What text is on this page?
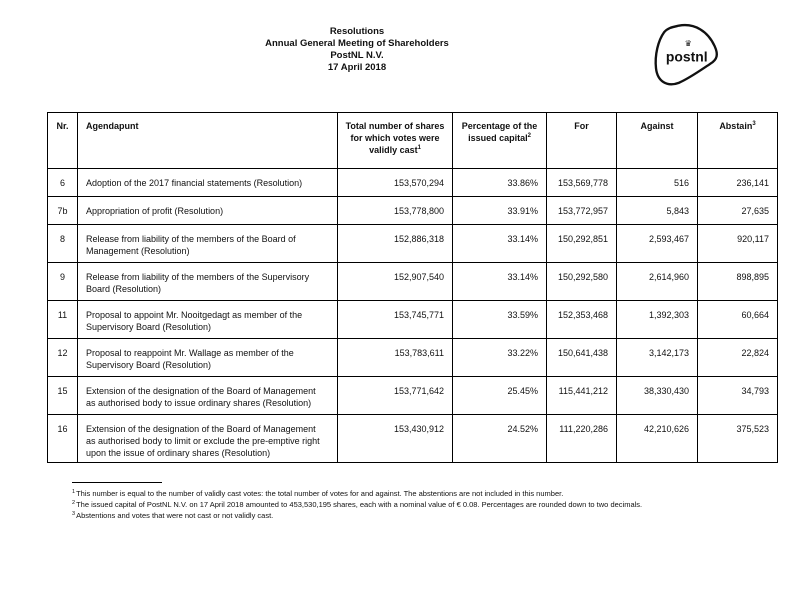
Resolutions
Annual General Meeting of Shareholders
PostNL N.V.
17 April 2018
postnl
♛
Nr.	Agendapunt	Total number of shares for which votes were validly cast$^1$	Percentage of the issued capital$^2$	For	Against	Abstain$^3$
6	Adoption of the 2017 financial statements (Resolution)	153,570,294	33.86%	153,569,778	516	236,141
7b	Appropriation of profit (Resolution)	153,778,800	33.91%	153,772,957	5,843	27,635
8	Release from liability of the members of the Board of Management (Resolution)	152,886,318	33.14%	150,292,851	2,593,467	920,117
9	Release from liability of the members of the Supervisory Board (Resolution)	152,907,540	33.14%	150,292,580	2,614,960	898,895
11	Proposal to appoint Mr. Nooitgedagt as member of the Supervisory Board (Resolution)	153,745,771	33.59%	152,353,468	1,392,303	60,664
12	Proposal to reappoint Mr. Wallage as member of the Supervisory Board (Resolution)	153,783,611	33.22%	150,641,438	3,142,173	22,824
15	Extension of the designation of the Board of Management as authorised body to issue ordinary shares (Resolution)	153,771,642	25.45%	115,441,212	38,330,430	34,793
16	Extension of the designation of the Board of Management as authorised body to limit or exclude the pre-emptive right upon the issue of ordinary shares (Resolution)	153,430,912	24.52%	111,220,286	42,210,626	375,523
$^1$This number is equal to the number of validly cast votes: the total number of votes for and against. The abstentions are not included in this number.
$^2$The issued capital of PostNL N.V. on 17 April 2018 amounted to 453,530,195 shares, each with a nominal value of € 0.08. Percentages are rounded down to two decimals.
$^3$Abstentions and votes that were not cast or not validly cast.
